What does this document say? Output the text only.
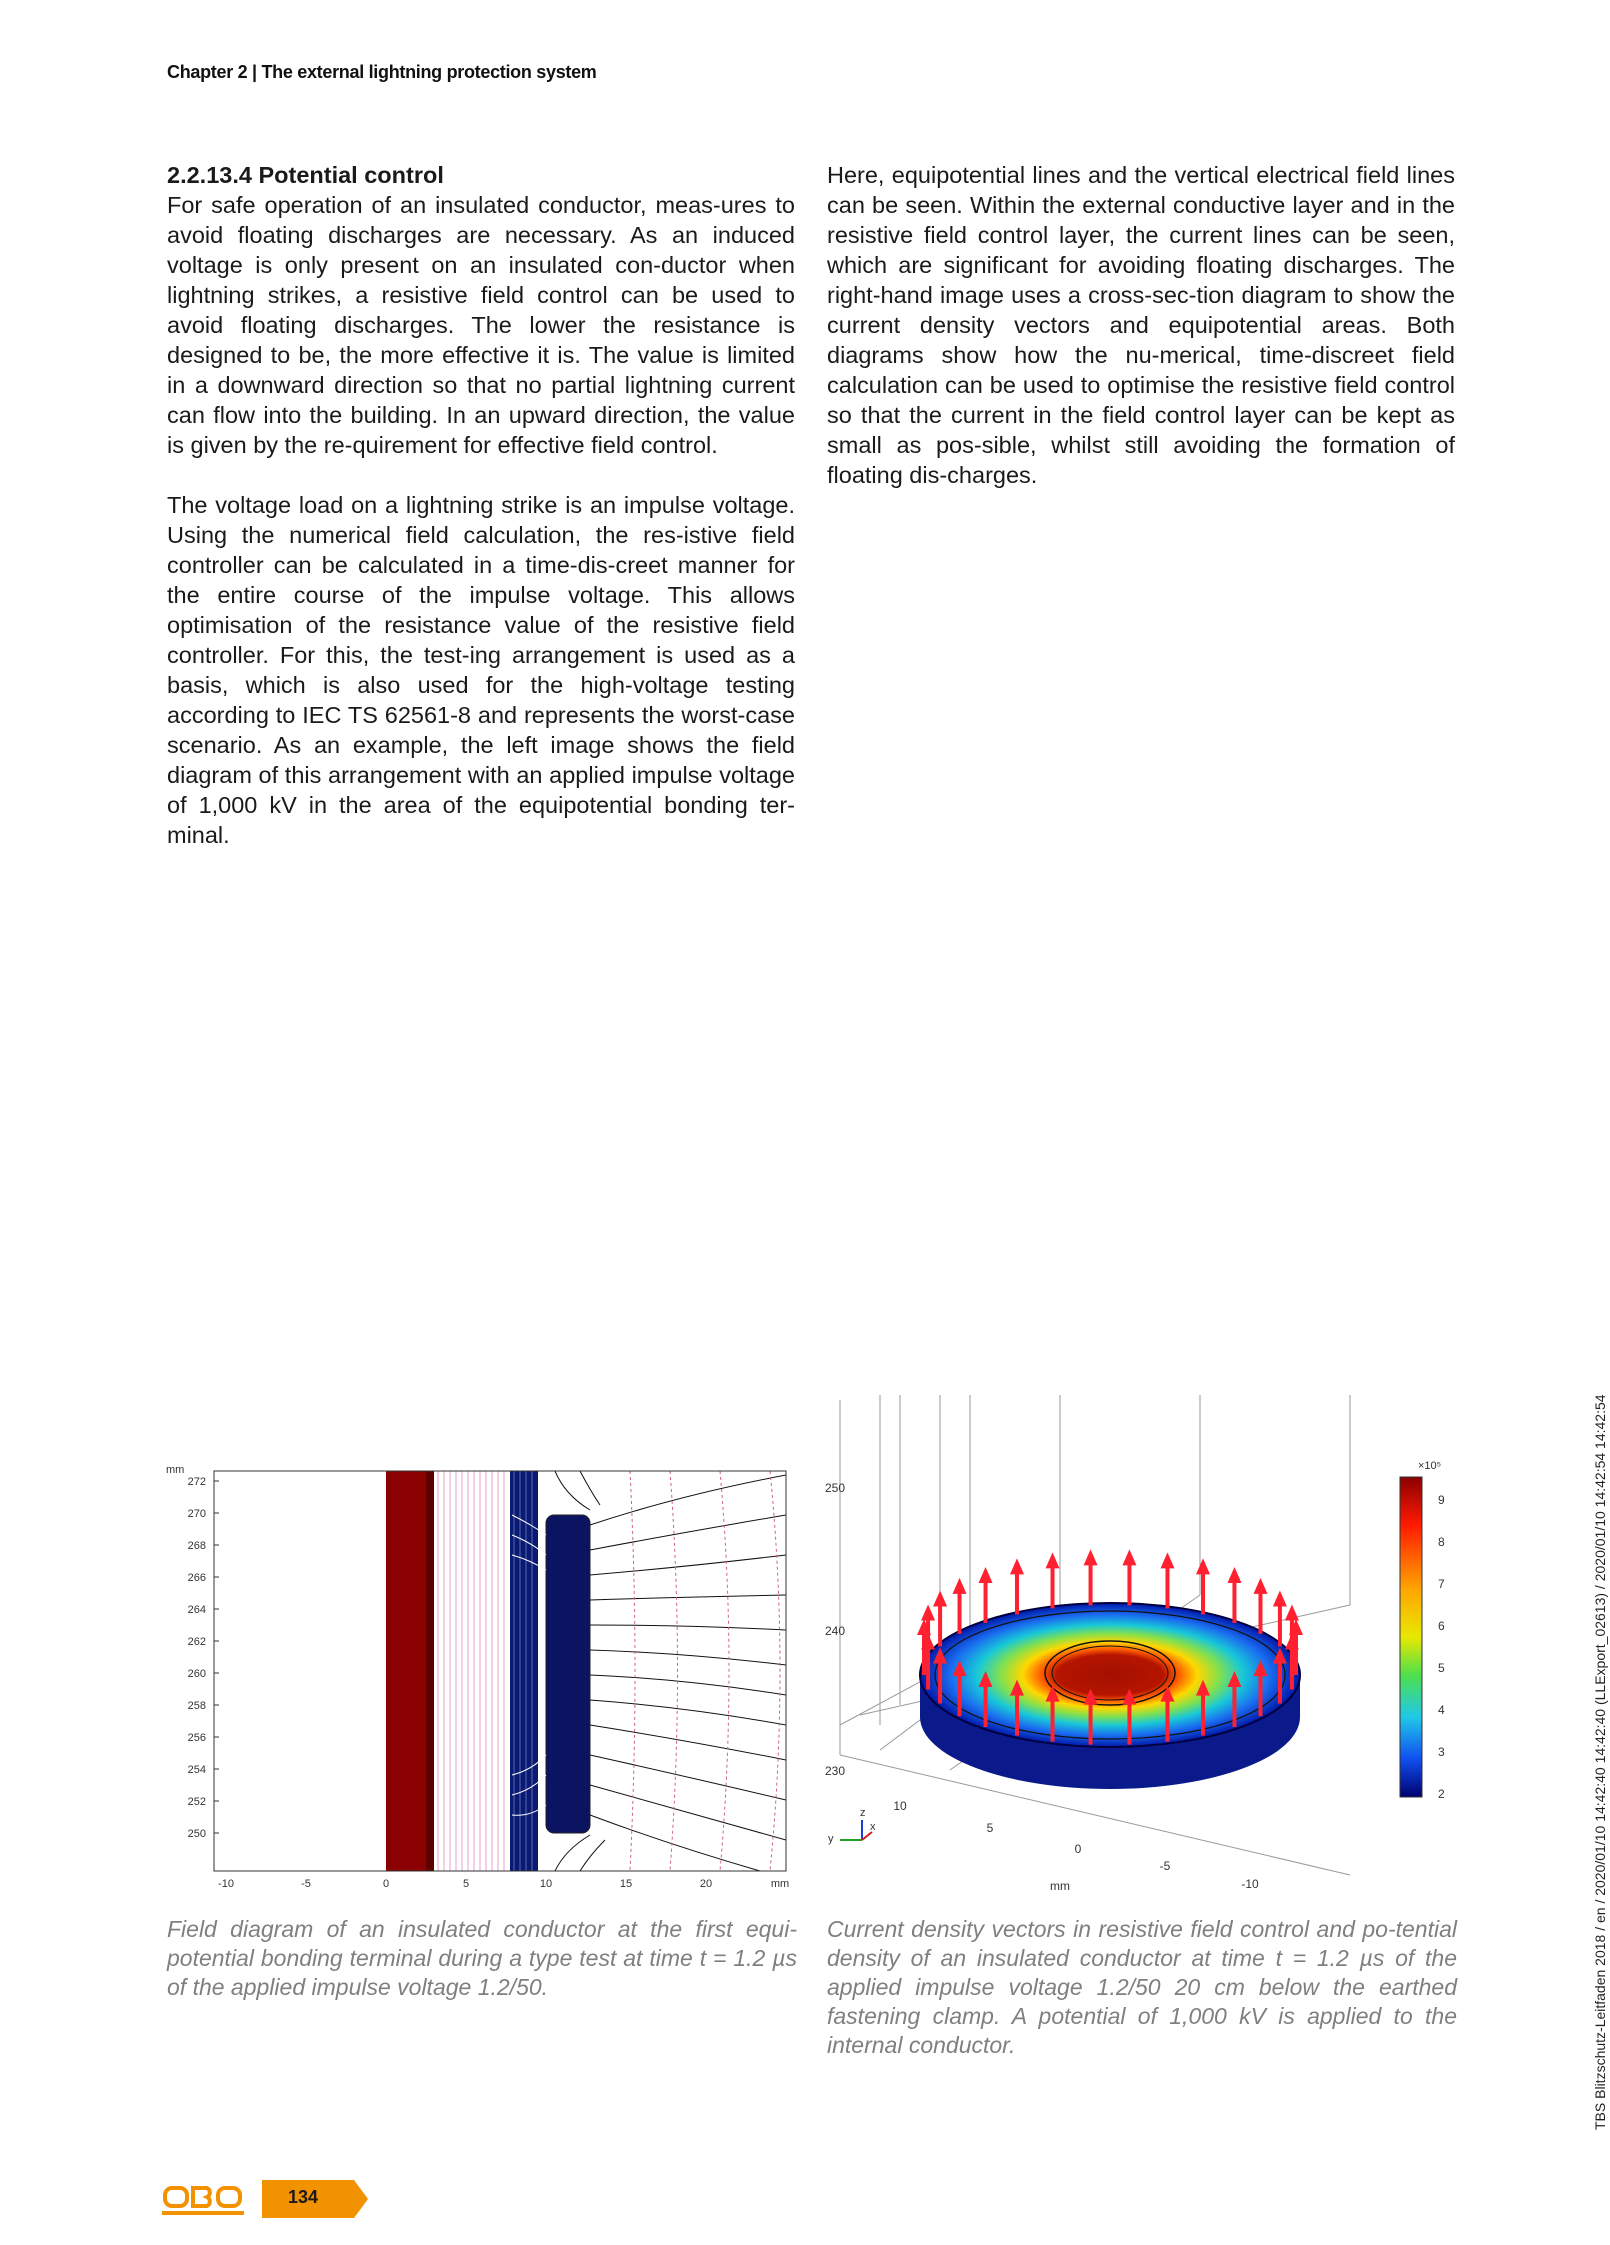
Chapter 2 | The external lightning protection system
2.2.13.4 Potential control

For safe operation of an insulated conductor, meas-ures to avoid floating discharges are necessary. As an induced voltage is only present on an insulated con-ductor when lightning strikes, a resistive field control can be used to avoid floating discharges. The lower the resistance is designed to be, the more effective it is. The value is limited in a downward direction so that no partial lightning current can flow into the building. In an upward direction, the value is given by the re-quirement for effective field control.

The voltage load on a lightning strike is an impulse voltage. Using the numerical field calculation, the res-istive field controller can be calculated in a time-dis-creet manner for the entire course of the impulse voltage. This allows optimisation of the resistance value of the resistive field controller. For this, the test-ing arrangement is used as a basis, which is also used for the high-voltage testing according to IEC TS 62561-8 and represents the worst-case scenario. As an example, the left image shows the field diagram of this arrangement with an applied impulse voltage of 1,000 kV in the area of the equipotential bonding ter-minal.

Here, equipotential lines and the vertical electrical field lines can be seen. Within the external conductive layer and in the resistive field control layer, the current lines can be seen, which are significant for avoiding floating discharges. The right-hand image uses a cross-sec-tion diagram to show the current density vectors and equipotential areas. Both diagrams show how the nu-merical, time-discreet field calculation can be used to optimise the resistive field control so that the current in the field control layer can be kept as small as pos-sible, whilst still avoiding the formation of floating dis-charges.

mm
272
270
268
266
264
262
260
258
256
254
252
250
-10	-5	0	5	10	15	20	mm
250
240
230
10
5
0
-5
-10
mm
z
x
y
×10⁵
9
8
7
6
5
4
3
2
Field diagram of an insulated conductor at the first equi-potential bonding terminal during a type test at time t = 1.2 µs of the applied impulse voltage 1.2/50.
Current density vectors in resistive field control and po-tential density of an insulated conductor at time t = 1.2 µs of the applied impulse voltage 1.2/50 20 cm below the earthed fastening clamp. A potential of 1,000 kV is applied to the internal conductor.
134
TBS Blitzschutz-Leitfaden 2018 / en / 2020/01/10 14:42:40 14:42:40 (LLExport_02613) / 2020/01/10 14:42:54 14:42:54
